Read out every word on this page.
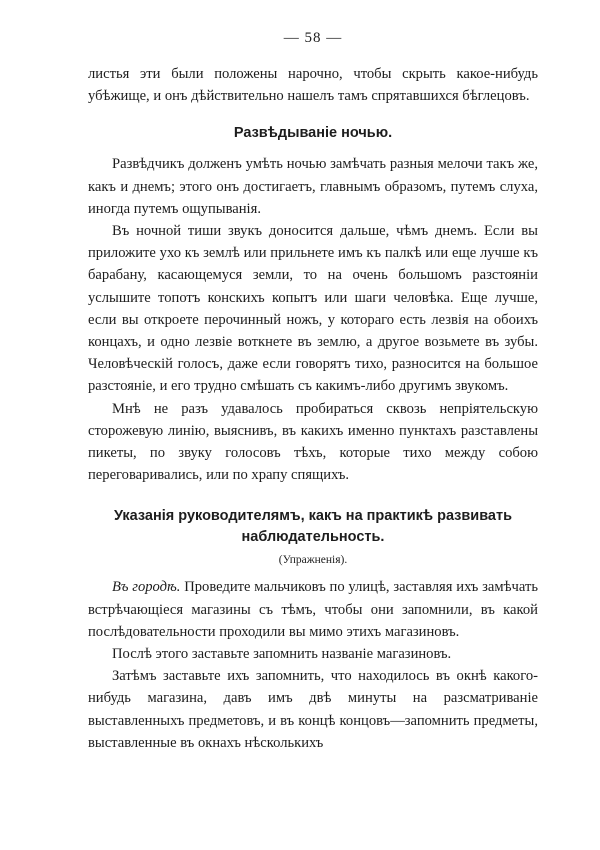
— 58 —

листья эти были положены нарочно, чтобы скрыть какое-нибудь убѣжище, и онъ дѣйствительно нашелъ тамъ спрятавшихся бѣглецовъ.

Развѣдываніе ночью.

Развѣдчикъ долженъ умѣть ночью замѣчать разныя мелочи такъ же, какъ и днемъ; этого онъ достигаетъ, главнымъ образомъ, путемъ слуха, иногда путемъ ощупыванія.

Въ ночной тиши звукъ доносится дальше, чѣмъ днемъ. Если вы приложите ухо къ землѣ или прильнете имъ къ палкѣ или еще лучше къ барабану, касающемуся земли, то на очень большомъ разстояніи услышите топотъ конскихъ копытъ или шаги человѣка. Еще лучше, если вы откроете перочинный ножъ, у котораго есть лезвія на обоихъ концахъ, и одно лезвіе воткнете въ землю, а другое возьмете въ зубы. Человѣческій голосъ, даже если говорятъ тихо, разносится на большое разстояніе, и его трудно смѣшать съ какимъ-либо другимъ звукомъ.

Мнѣ не разъ удавалось пробираться сквозь непріятельскую сторожевую линію, выяснивъ, въ какихъ именно пунктахъ разставлены пикеты, по звуку голосовъ тѣхъ, которые тихо между собою переговаривались, или по храпу спящихъ.

Указанія руководителямъ, какъ на практикѣ развивать наблюдательность.
(Упражненія).

Въ городѣ. Проведите мальчиковъ по улицѣ, заставляя ихъ замѣчать встрѣчающіеся магазины съ тѣмъ, чтобы они запомнили, въ какой послѣдовательности проходили вы мимо этихъ магазиновъ.

Послѣ этого заставьте запомнить названіе магазиновъ.

Затѣмъ заставьте ихъ запомнить, что находилось въ окнѣ какого-нибудь магазина, давъ имъ двѣ минуты на разсматриваніе выставленныхъ предметовъ, и въ концѣ концовъ—запомнить предметы, выставленные въ окнахъ нѣсколькихъ
